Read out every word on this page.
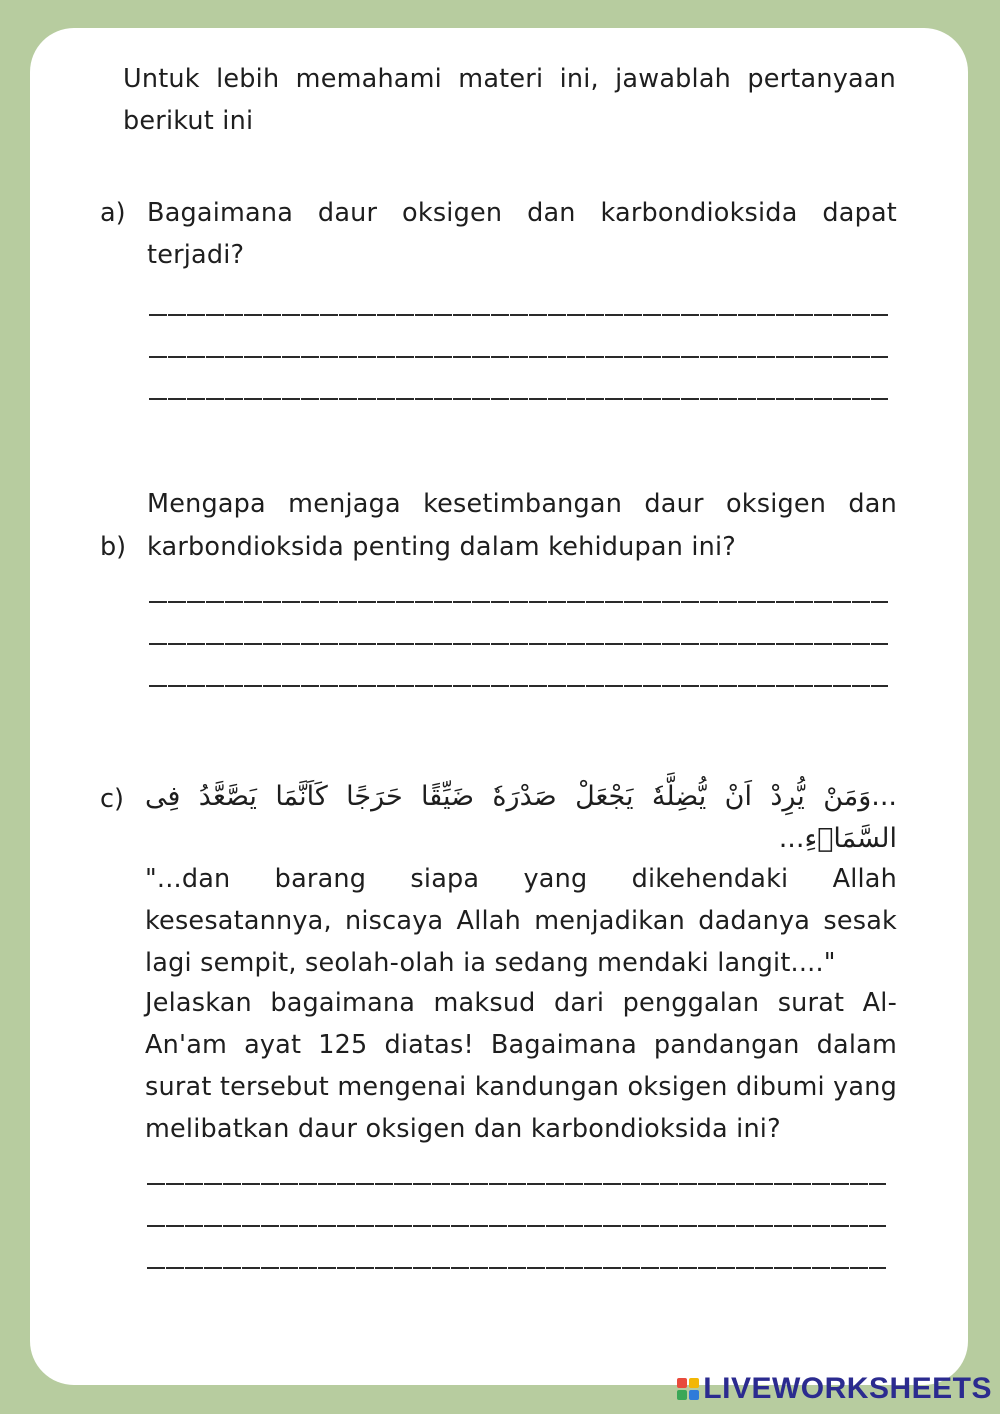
Untuk lebih memahami materi ini, jawablah pertanyaan berikut ini
a) Bagaimana daur oksigen dan karbondioksida dapat terjadi?
Mengapa menjaga kesetimbangan daur oksigen dan
b) karbondioksida penting dalam kehidupan ini?
c) ...وَمَنْ يُّرِدْ اَنْ يُّضِلَّهٗ يَجْعَلْ صَدْرَهٗ ضَيِّقًا حَرَجًا كَاَنَّمَا يَصَّعَّدُ فِى السَّمَاۤءِ...
"...dan barang siapa yang dikehendaki Allah kesesatannya, niscaya Allah menjadikan dadanya sesak lagi sempit, seolah-olah ia sedang mendaki langit...."
Jelaskan bagaimana maksud dari penggalan surat Al-An'am ayat 125 diatas! Bagaimana pandangan dalam surat tersebut mengenai kandungan oksigen dibumi yang melibatkan daur oksigen dan karbondioksida ini?
LIVEWORKSHEETS
